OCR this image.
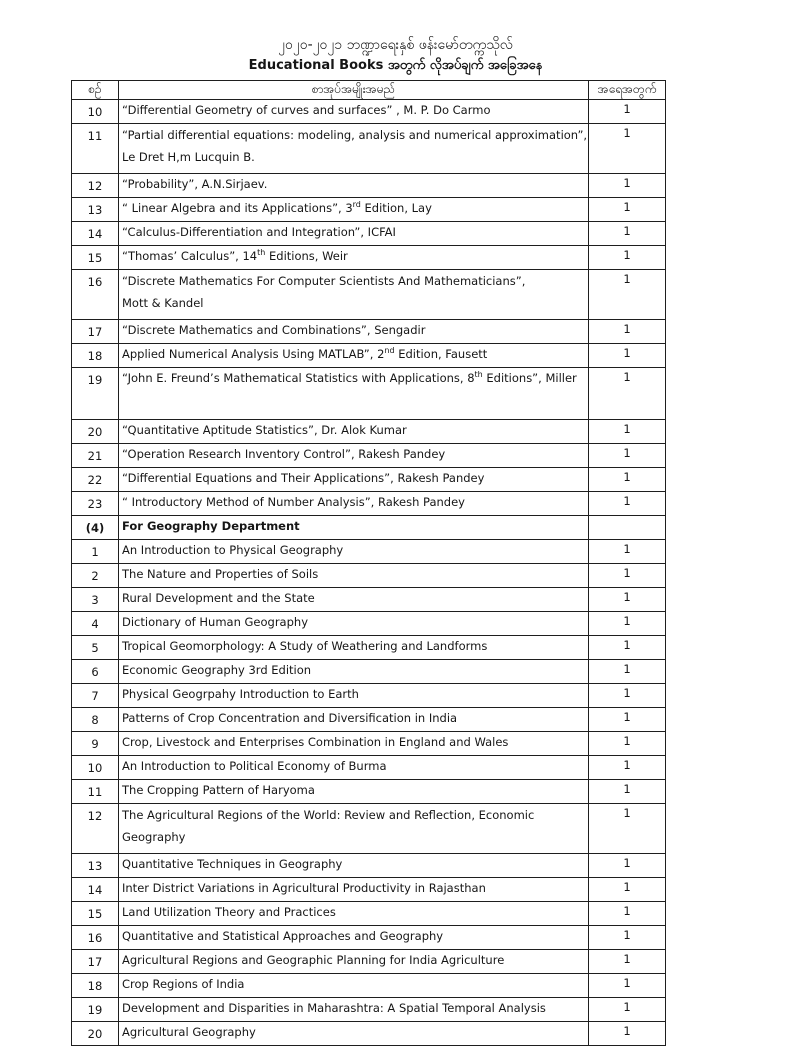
၂၀၂၀-၂၀၂၁ ဘဏ္ဍာရေးနှစ် ဖန်းမော်တက္ကသိုလ်
Educational Books အတွက် လိုအပ်ချက် အခြေအနေ
စဉ်	စာအုပ်အမျိုးအမည်	အရေအတွက်
10	“Differential Geometry of curves and surfaces” , M. P. Do Carmo	1
11	“Partial differential equations: modeling, analysis and numerical approximation”,
Le Dret H,m Lucquin B.	1
12	“Probability”, A.N.Sirjaev.	1
13	“ Linear Algebra and its Applications”, 3rd Edition, Lay	1
14	“Calculus-Differentiation and Integration”, ICFAI	1
15	“Thomas’ Calculus”, 14th Editions, Weir	1
16	“Discrete Mathematics For Computer Scientists And Mathematicians”,
Mott & Kandel	1
17	“Discrete Mathematics and Combinations”, Sengadir	1
18	Applied Numerical Analysis Using MATLAB”, 2nd Edition, Fausett	1
19	“John E. Freund’s Mathematical Statistics with Applications, 8th Editions”, Miller	1
20	“Quantitative Aptitude Statistics”, Dr. Alok Kumar	1
21	“Operation Research Inventory Control”, Rakesh Pandey	1
22	“Differential Equations and Their Applications”, Rakesh Pandey	1
23	“ Introductory Method of Number Analysis”, Rakesh Pandey	1
(4)	For Geography Department	
1	An Introduction to Physical Geography	1
2	The Nature and Properties of Soils	1
3	Rural Development and the State	1
4	Dictionary of Human Geography	1
5	Tropical Geomorphology: A Study of Weathering and Landforms	1
6	Economic Geography 3rd Edition	1
7	Physical Geogrpahy Introduction to Earth	1
8	Patterns of Crop Concentration and Diversification in India	1
9	Crop, Livestock and Enterprises Combination in England and Wales	1
10	An Introduction to Political Economy of Burma	1
11	The Cropping Pattern of Haryoma	1
12	The Agricultural Regions of the World: Review and Reflection, Economic
Geography	1
13	Quantitative Techniques in Geography	1
14	Inter District Variations in Agricultural Productivity in Rajasthan	1
15	Land Utilization Theory and Practices	1
16	Quantitative and Statistical Approaches and Geography	1
17	Agricultural Regions and Geographic Planning for India Agriculture	1
18	Crop Regions of India	1
19	Development and Disparities in Maharashtra: A Spatial Temporal Analysis	1
20	Agricultural Geography	1
